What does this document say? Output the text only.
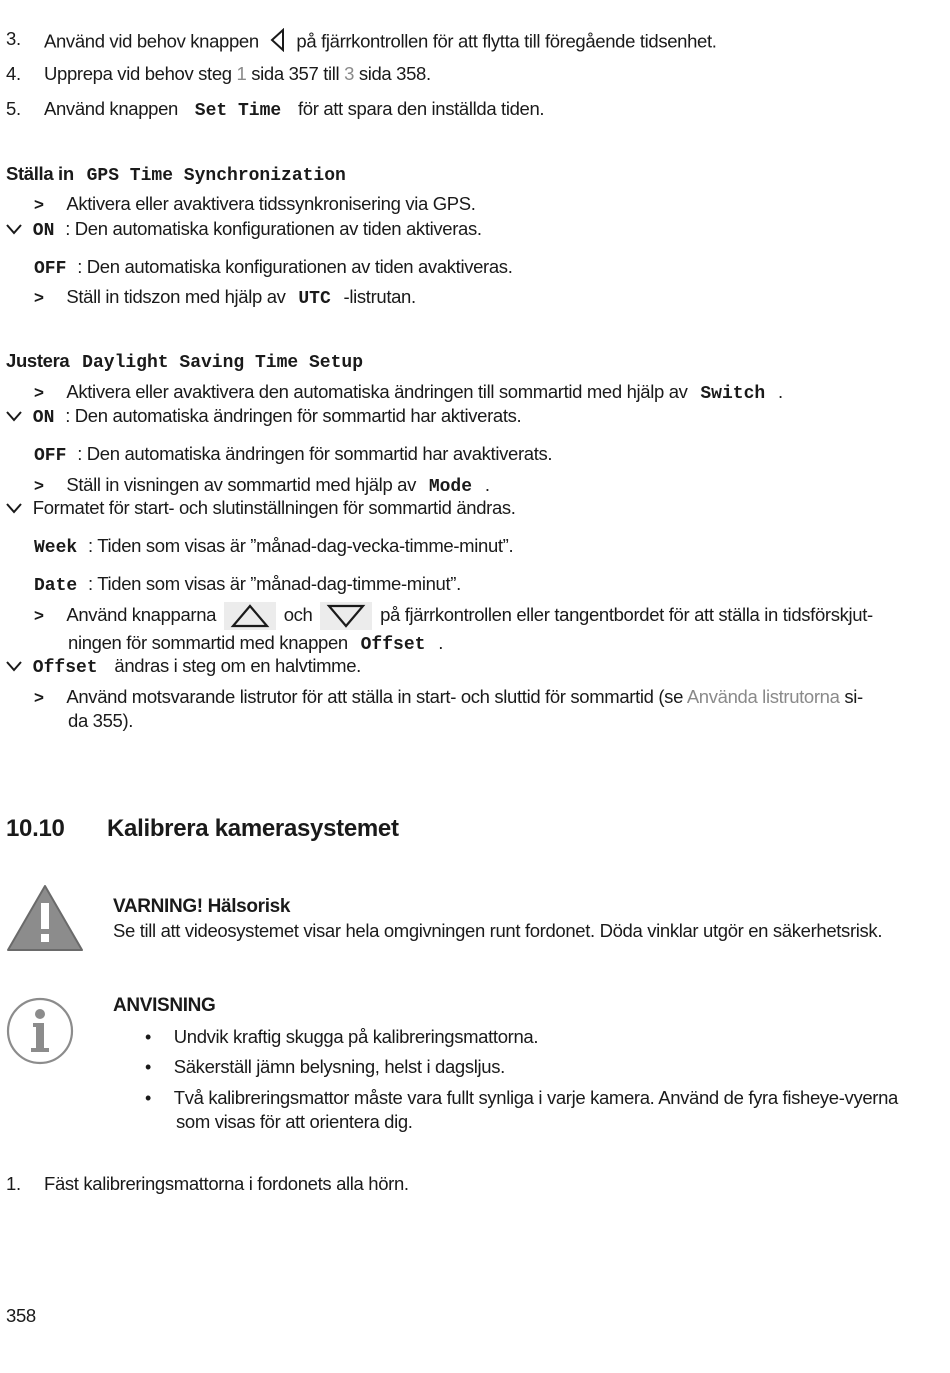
3. Använd vid behov knappen på fjärrkontrollen för att flytta till föregående tidsenhet.
4. Upprepa vid behov steg 1 sida 357 till 3 sida 358.
5. Använd knappen Set Time för att spara den inställda tiden.
Ställa in GPS Time Synchronization
> Aktivera eller avaktivera tidssynkronisering via GPS.
ON : Den automatiska konfigurationen av tiden aktiveras.
OFF : Den automatiska konfigurationen av tiden avaktiveras.
> Ställ in tidszon med hjälp av UTC -listrutan.
Justera Daylight Saving Time Setup
> Aktivera eller avaktivera den automatiska ändringen till sommartid med hjälp av Switch .
ON : Den automatiska ändringen för sommartid har aktiverats.
OFF : Den automatiska ändringen för sommartid har avaktiverats.
> Ställ in visningen av sommartid med hjälp av Mode .
Formatet för start- och slutinställningen för sommartid ändras.
Week : Tiden som visas är ”månad-dag-vecka-timme-minut”.
Date : Tiden som visas är ”månad-dag-timme-minut”.
> Använd knapparna	och	på fjärrkontrollen eller tangentbordet för att ställa in tidsförskjut-
ningen för sommartid med knappen Offset .
Offset ändras i steg om en halvtimme.
> Använd motsvarande listrutor för att ställa in start- och sluttid för sommartid (se Använda listrutorna si-
da 355).
10.10 Kalibrera kamerasystemet
VARNING! Hälsorisk
Se till att videosystemet visar hela omgivningen runt fordonet. Döda vinklar utgör en säkerhetsrisk.
ANVISNING
• Undvik kraftig skugga på kalibreringsmattorna.
• Säkerställ jämn belysning, helst i dagsljus.
• Två kalibreringsmattor måste vara fullt synliga i varje kamera. Använd de fyra fisheye-vyerna
som visas för att orientera dig.
1. Fäst kalibreringsmattorna i fordonets alla hörn.
358
